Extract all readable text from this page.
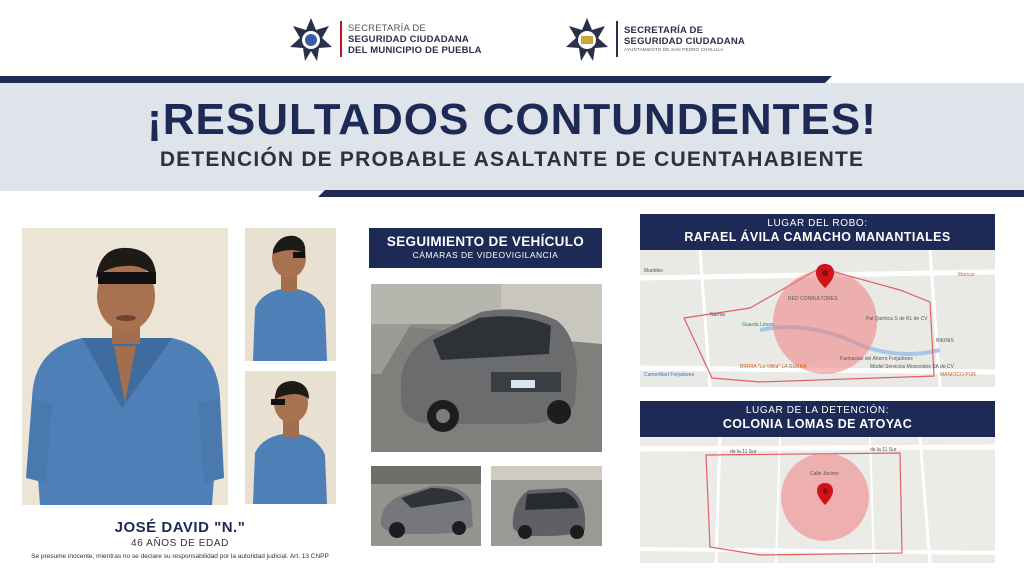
SECRETARÍA DE
SEGURIDAD CIUDADANA
DEL MUNICIPIO DE PUEBLA
SECRETARÍA DE
SEGURIDAD CIUDADANA
AYUNTAMIENTO DE SAN PEDRO CHOLULA
¡RESULTADOS CONTUNDENTES!
DETENCIÓN DE PROBABLE ASALTANTE DE CUENTAHABIENTE
JOSÉ DAVID "N."
46 AÑOS DE EDAD
Se presume inocente, mientras no se declare su responsabilidad por la autoridad judicial. Art. 13 CNPP
SEGUIMIENTO DE VEHÍCULO
CÁMARAS DE VIDEOVIGILANCIA
LUGAR DEL ROBO:
RAFAEL ÁVILA CAMACHO MANANTIALES
Muebles
RED CONSULTORES
Guarda Linces
Pal Quimica S de RL de CV
Farmacias del Ahorro Forjadores
Model Servicios Monoxidos SA de CV
CamerMart Forjadores
BIRRIA "La Villita" LA GUERA
Marcus
MANIOCO PUR
BIKINIS
Narnia
LUGAR DE LA DETENCIÓN:
COLONIA LOMAS DE ATOYAC
de la 11 Sur	de la 11 Sur
Calle Jacinto
